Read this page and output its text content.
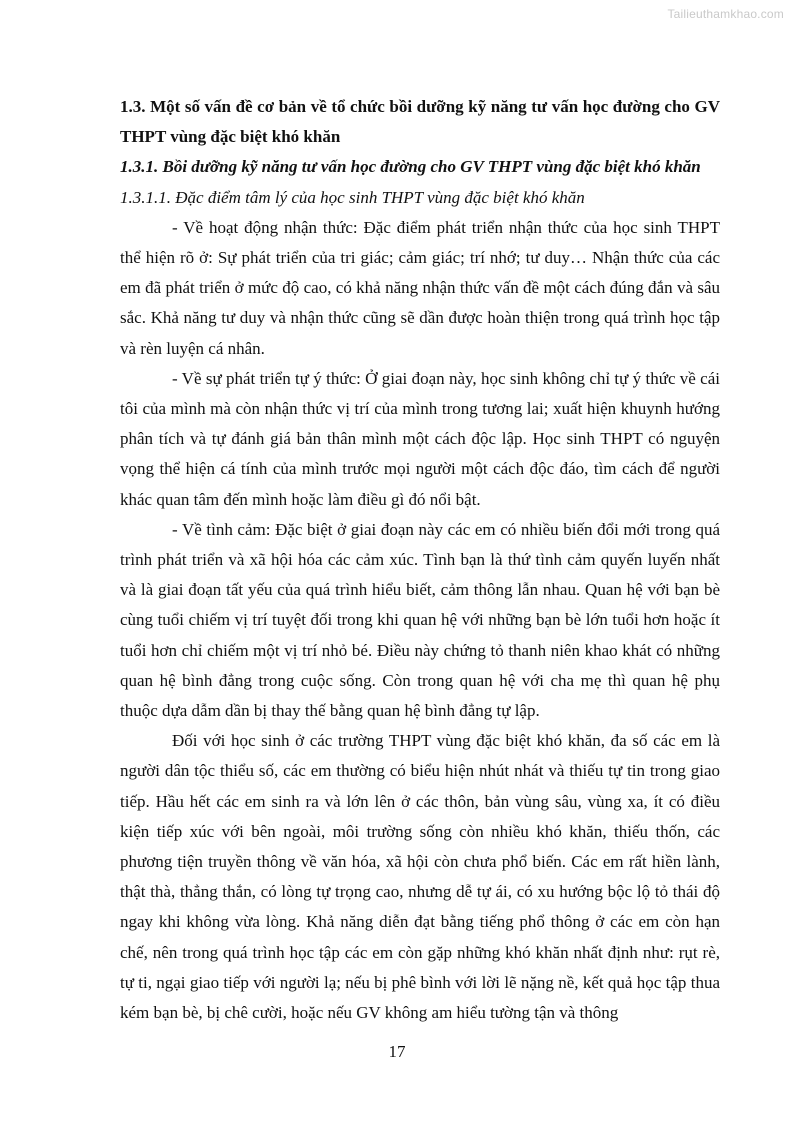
Tailieuthamkhao.com

1.3. Một số vấn đề cơ bản về tổ chức bồi dưỡng kỹ năng tư vấn học đường cho GV THPT vùng đặc biệt khó khăn

1.3.1. Bồi dưỡng kỹ năng tư vấn học đường cho GV THPT vùng đặc biệt khó khăn

1.3.1.1. Đặc điểm tâm lý của học sinh THPT vùng đặc biệt khó khăn

- Về hoạt động nhận thức: Đặc điểm phát triển nhận thức của học sinh THPT thể hiện rõ ở: Sự phát triển của tri giác; cảm giác; trí nhớ; tư duy… Nhận thức của các em đã phát triển ở mức độ cao, có khả năng nhận thức vấn đề một cách đúng đắn và sâu sắc. Khả năng tư duy và nhận thức cũng sẽ dần được hoàn thiện trong quá trình học tập và rèn luyện cá nhân.

- Về sự phát triển tự ý thức: Ở giai đoạn này, học sinh không chỉ tự ý thức về cái tôi của mình mà còn nhận thức vị trí của mình trong tương lai; xuất hiện khuynh hướng phân tích và tự đánh giá bản thân mình một cách độc lập. Học sinh THPT có nguyện vọng thể hiện cá tính của mình trước mọi người một cách độc đáo, tìm cách để người khác quan tâm đến mình hoặc làm điều gì đó nổi bật.

- Về tình cảm: Đặc biệt ở giai đoạn này các em có nhiều biến đổi mới trong quá trình phát triển và xã hội hóa các cảm xúc. Tình bạn là thứ tình cảm quyến luyến nhất và là giai đoạn tất yếu của quá trình hiểu biết, cảm thông lẫn nhau. Quan hệ với bạn bè cùng tuổi chiếm vị trí tuyệt đối trong khi quan hệ với những bạn bè lớn tuổi hơn hoặc ít tuổi hơn chỉ chiếm một vị trí nhỏ bé. Điều này chứng tỏ thanh niên khao khát có những quan hệ bình đẳng trong cuộc sống. Còn trong quan hệ với cha mẹ thì quan hệ phụ thuộc dựa dẫm dần bị thay thế bằng quan hệ bình đẳng tự lập.

Đối với học sinh ở các trường THPT vùng đặc biệt khó khăn, đa số các em là người dân tộc thiểu số, các em thường có biểu hiện nhút nhát và thiếu tự tin trong giao tiếp. Hầu hết các em sinh ra và lớn lên ở các thôn, bản vùng sâu, vùng xa, ít có điều kiện tiếp xúc với bên ngoài, môi trường sống còn nhiều khó khăn, thiếu thốn, các phương tiện truyền thông về văn hóa, xã hội còn chưa phổ biến. Các em rất hiền lành, thật thà, thẳng thắn, có lòng tự trọng cao, nhưng dễ tự ái, có xu hướng bộc lộ tỏ thái độ ngay khi không vừa lòng. Khả năng diễn đạt bằng tiếng phổ thông ở các em còn hạn chế, nên trong quá trình học tập các em còn gặp những khó khăn nhất định như: rụt rè, tự ti, ngại giao tiếp với người lạ; nếu bị phê bình với lời lẽ nặng nề, kết quả học tập thua kém bạn bè, bị chê cười, hoặc nếu GV không am hiểu tường tận và thông

17
